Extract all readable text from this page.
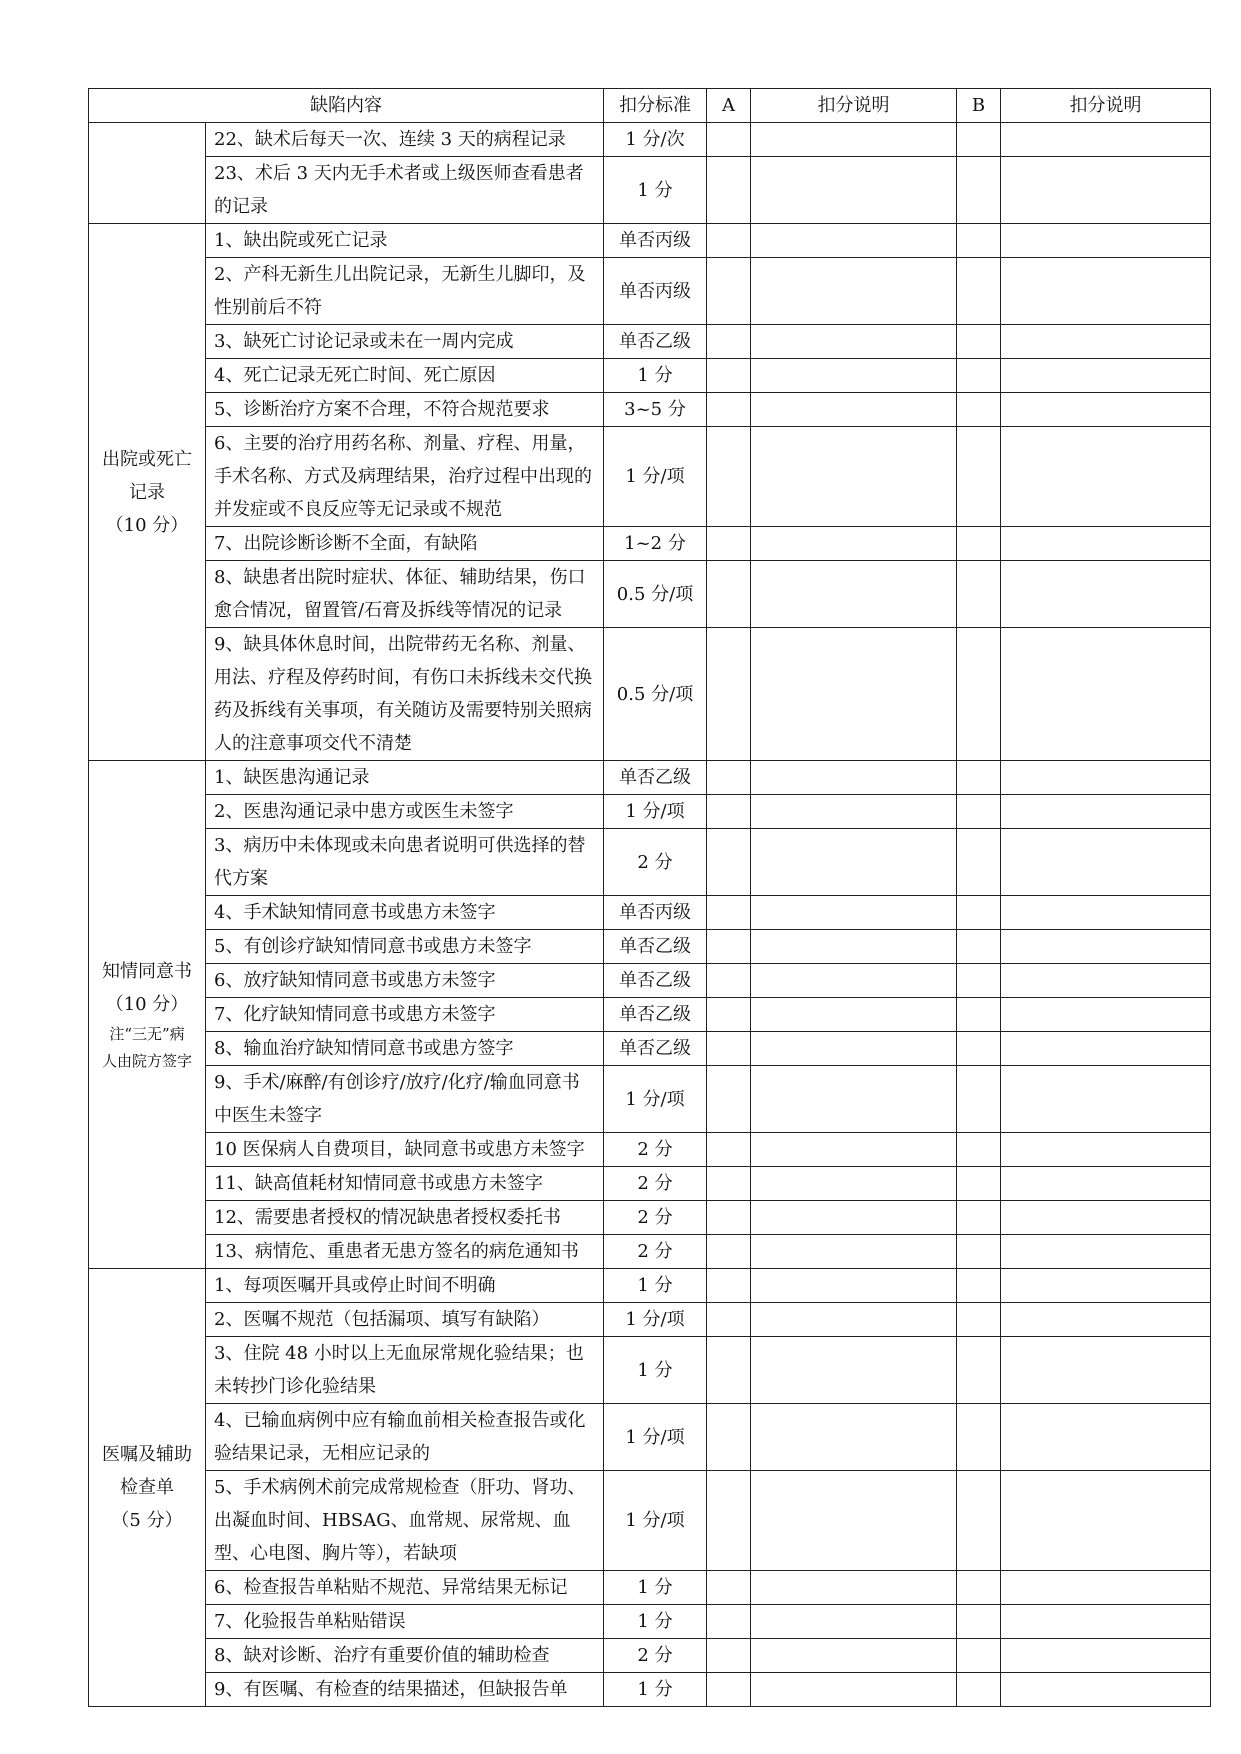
缺陷内容		扣分标准	A	扣分说明	B	扣分说明
	22、缺术后每天一次、连续 3 天的病程记录	1 分/次				
	23、术后 3 天内无手术者或上级医师查看患者的记录	1 分				

出院或死亡
记录
（10 分）	1、缺出院或死亡记录	单否丙级				
	2、产科无新生儿出院记录，无新生儿脚印，及性别前后不符	单否丙级				
	3、缺死亡讨论记录或未在一周内完成	单否乙级				
	4、死亡记录无死亡时间、死亡原因	1 分				
	5、诊断治疗方案不合理，不符合规范要求	3~5 分				
	6、主要的治疗用药名称、剂量、疗程、用量，手术名称、方式及病理结果，治疗过程中出现的并发症或不良反应等无记录或不规范	1 分/项				
	7、出院诊断诊断不全面，有缺陷	1~2 分				
	8、缺患者出院时症状、体征、辅助结果，伤口愈合情况，留置管/石膏及拆线等情况的记录	0.5 分/项				
	9、缺具体休息时间，出院带药无名称、剂量、用法、疗程及停药时间，有伤口未拆线未交代换药及拆线有关事项，有关随访及需要特别关照病人的注意事项交代不清楚	0.5 分/项				

知情同意书
（10 分）
注“三无”病
人由院方签字	1、缺医患沟通记录	单否乙级				
	2、医患沟通记录中患方或医生未签字	1 分/项				
	3、病历中未体现或未向患者说明可供选择的替代方案	2 分				
	4、手术缺知情同意书或患方未签字	单否丙级				
	5、有创诊疗缺知情同意书或患方未签字	单否乙级				
	6、放疗缺知情同意书或患方未签字	单否乙级				
	7、化疗缺知情同意书或患方未签字	单否乙级				
	8、输血治疗缺知情同意书或患方签字	单否乙级				
	9、手术/麻醉/有创诊疗/放疗/化疗/输血同意书中医生未签字	1 分/项				
	10 医保病人自费项目，缺同意书或患方未签字	2 分				
	11、缺高值耗材知情同意书或患方未签字	2 分				
	12、需要患者授权的情况缺患者授权委托书	2 分				
	13、病情危、重患者无患方签名的病危通知书	2 分				

医嘱及辅助
检查单
（5 分）	1、每项医嘱开具或停止时间不明确	1 分				
	2、医嘱不规范（包括漏项、填写有缺陷）	1 分/项				
	3、住院 48 小时以上无血尿常规化验结果；也未转抄门诊化验结果	1 分				
	4、已输血病例中应有输血前相关检查报告或化验结果记录，无相应记录的	1 分/项				
	5、手术病例术前完成常规检查（肝功、肾功、出凝血时间、HBSAG、血常规、尿常规、血型、心电图、胸片等），若缺项	1 分/项				
	6、检查报告单粘贴不规范、异常结果无标记	1 分				
	7、化验报告单粘贴错误	1 分				
	8、缺对诊断、治疗有重要价值的辅助检查	2 分				
	9、有医嘱、有检查的结果描述，但缺报告单	1 分				
